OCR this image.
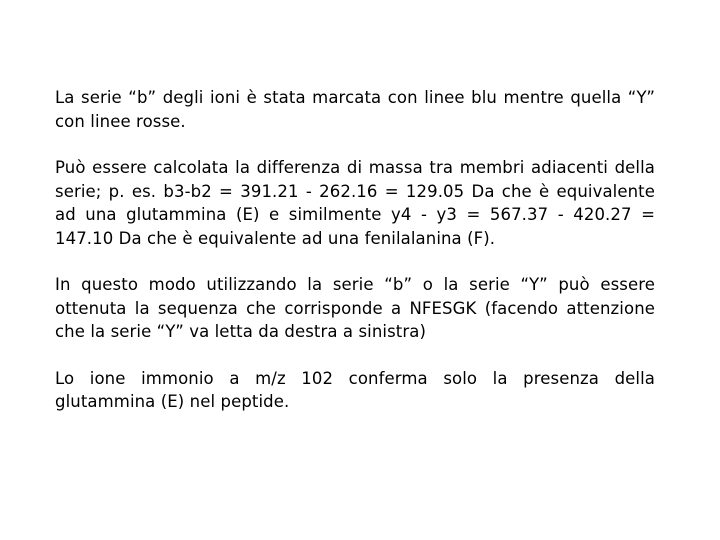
La serie “b” degli ioni è stata marcata con linee blu mentre quella “Y” con linee rosse.

Può essere calcolata la differenza di massa tra membri adiacenti della serie; p. es. b3-b2 = 391.21 - 262.16 = 129.05 Da che è equivalente ad una glutammina (E) e similmente y4 - y3 = 567.37 - 420.27 = 147.10 Da che è equivalente ad una fenilalanina (F).

In questo modo utilizzando la serie “b” o la serie “Y” può essere ottenuta la sequenza che corrisponde a NFESGK (facendo attenzione che la serie “Y” va letta da destra a sinistra)

Lo ione immonio a m/z 102 conferma solo la presenza della glutammina (E) nel peptide.
